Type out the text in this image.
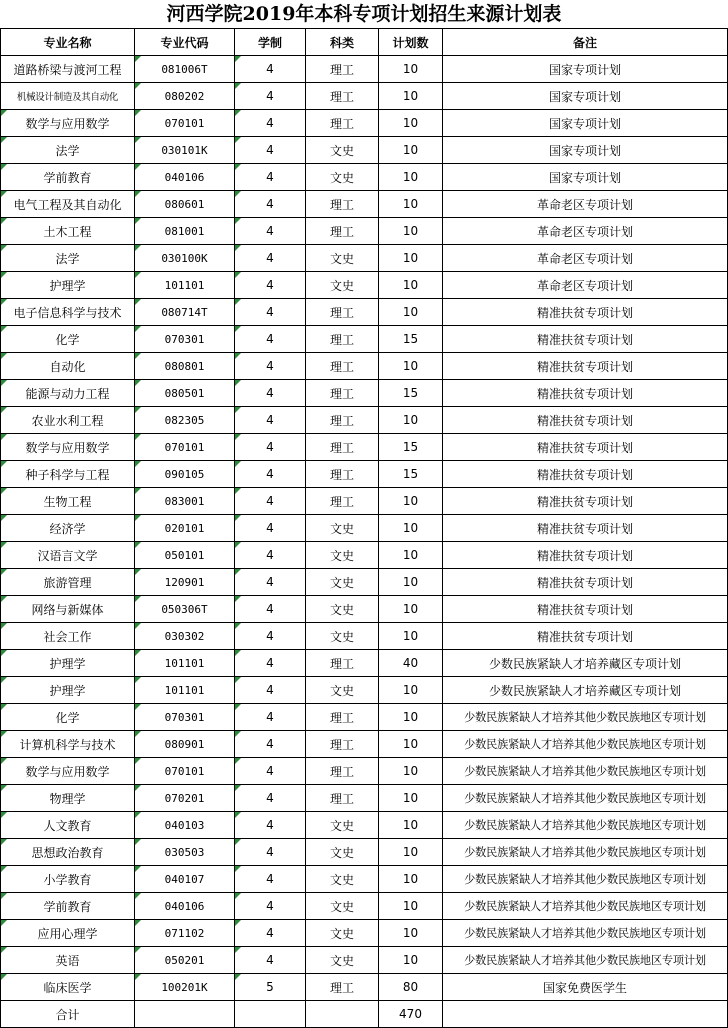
河西学院2019年本科专项计划招生来源计划表
专业名称	专业代码	学制	科类	计划数	备注
道路桥梁与渡河工程	081006T	4	理工	10	国家专项计划
机械设计制造及其自动化	080202	4	理工	10	国家专项计划
数学与应用数学	070101	4	理工	10	国家专项计划
法学	030101K	4	文史	10	国家专项计划
学前教育	040106	4	文史	10	国家专项计划
电气工程及其自动化	080601	4	理工	10	革命老区专项计划
土木工程	081001	4	理工	10	革命老区专项计划
法学	030100K	4	文史	10	革命老区专项计划
护理学	101101	4	文史	10	革命老区专项计划
电子信息科学与技术	080714T	4	理工	10	精准扶贫专项计划
化学	070301	4	理工	15	精准扶贫专项计划
自动化	080801	4	理工	10	精准扶贫专项计划
能源与动力工程	080501	4	理工	15	精准扶贫专项计划
农业水利工程	082305	4	理工	10	精准扶贫专项计划
数学与应用数学	070101	4	理工	15	精准扶贫专项计划
种子科学与工程	090105	4	理工	15	精准扶贫专项计划
生物工程	083001	4	理工	10	精准扶贫专项计划
经济学	020101	4	文史	10	精准扶贫专项计划
汉语言文学	050101	4	文史	10	精准扶贫专项计划
旅游管理	120901	4	文史	10	精准扶贫专项计划
网络与新媒体	050306T	4	文史	10	精准扶贫专项计划
社会工作	030302	4	文史	10	精准扶贫专项计划
护理学	101101	4	理工	40	少数民族紧缺人才培养藏区专项计划
护理学	101101	4	文史	10	少数民族紧缺人才培养藏区专项计划
化学	070301	4	理工	10	少数民族紧缺人才培养其他少数民族地区专项计划
计算机科学与技术	080901	4	理工	10	少数民族紧缺人才培养其他少数民族地区专项计划
数学与应用数学	070101	4	理工	10	少数民族紧缺人才培养其他少数民族地区专项计划
物理学	070201	4	理工	10	少数民族紧缺人才培养其他少数民族地区专项计划
人文教育	040103	4	文史	10	少数民族紧缺人才培养其他少数民族地区专项计划
思想政治教育	030503	4	文史	10	少数民族紧缺人才培养其他少数民族地区专项计划
小学教育	040107	4	文史	10	少数民族紧缺人才培养其他少数民族地区专项计划
学前教育	040106	4	文史	10	少数民族紧缺人才培养其他少数民族地区专项计划
应用心理学	071102	4	文史	10	少数民族紧缺人才培养其他少数民族地区专项计划
英语	050201	4	文史	10	少数民族紧缺人才培养其他少数民族地区专项计划
临床医学	100201K	5	理工	80	国家免费医学生
合计				470	
